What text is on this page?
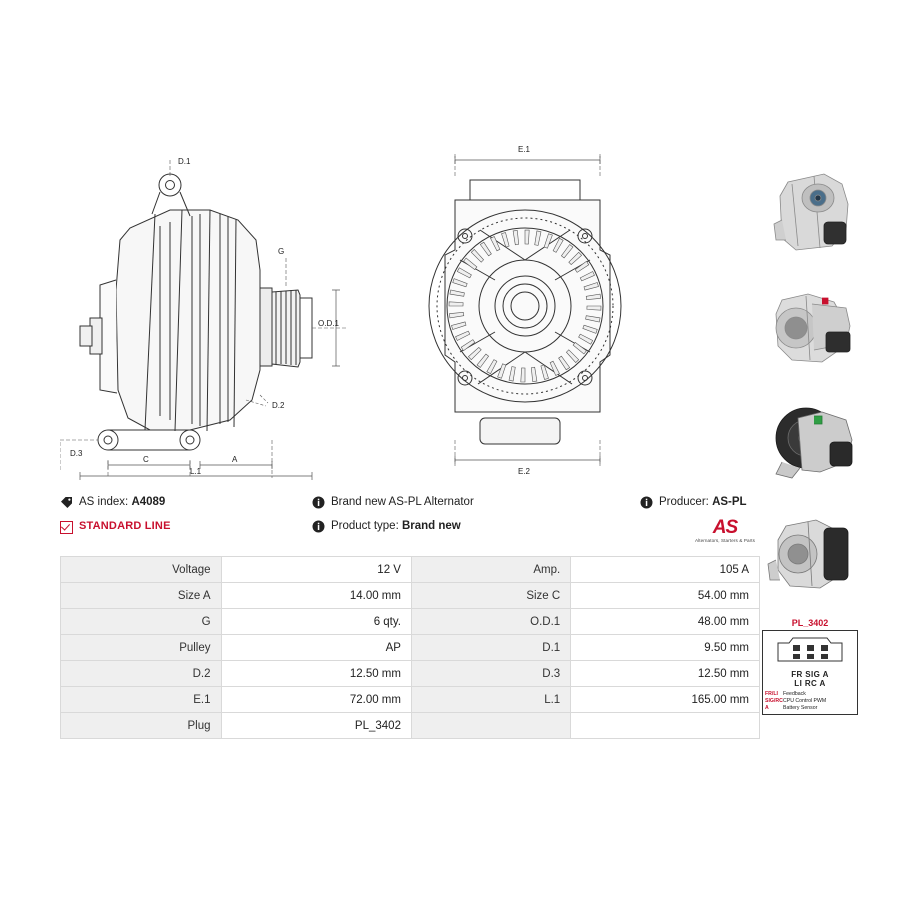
D.1
G
O.D.1
D.2
D.3
C	A
L.1
E.1
E.2
PL_3402
FR SIG A
LI RC A
FR/LI Feedback
SIG/RCCPU Control PWM
A	Battery Sensor
AS index: A4089
STANDARD LINE
Brand new AS-PL Alternator
Product type: Brand new
Producer: AS-PL
AS
Alternators, Starters & Parts
Voltage	12 V	Amp.	105 A
Size A	14.00 mm	Size C	54.00 mm
G	6 qty.	O.D.1	48.00 mm
Pulley	AP	D.1	9.50 mm
D.2	12.50 mm	D.3	12.50 mm
E.1	72.00 mm	L.1	165.00 mm
Plug	PL_3402		
